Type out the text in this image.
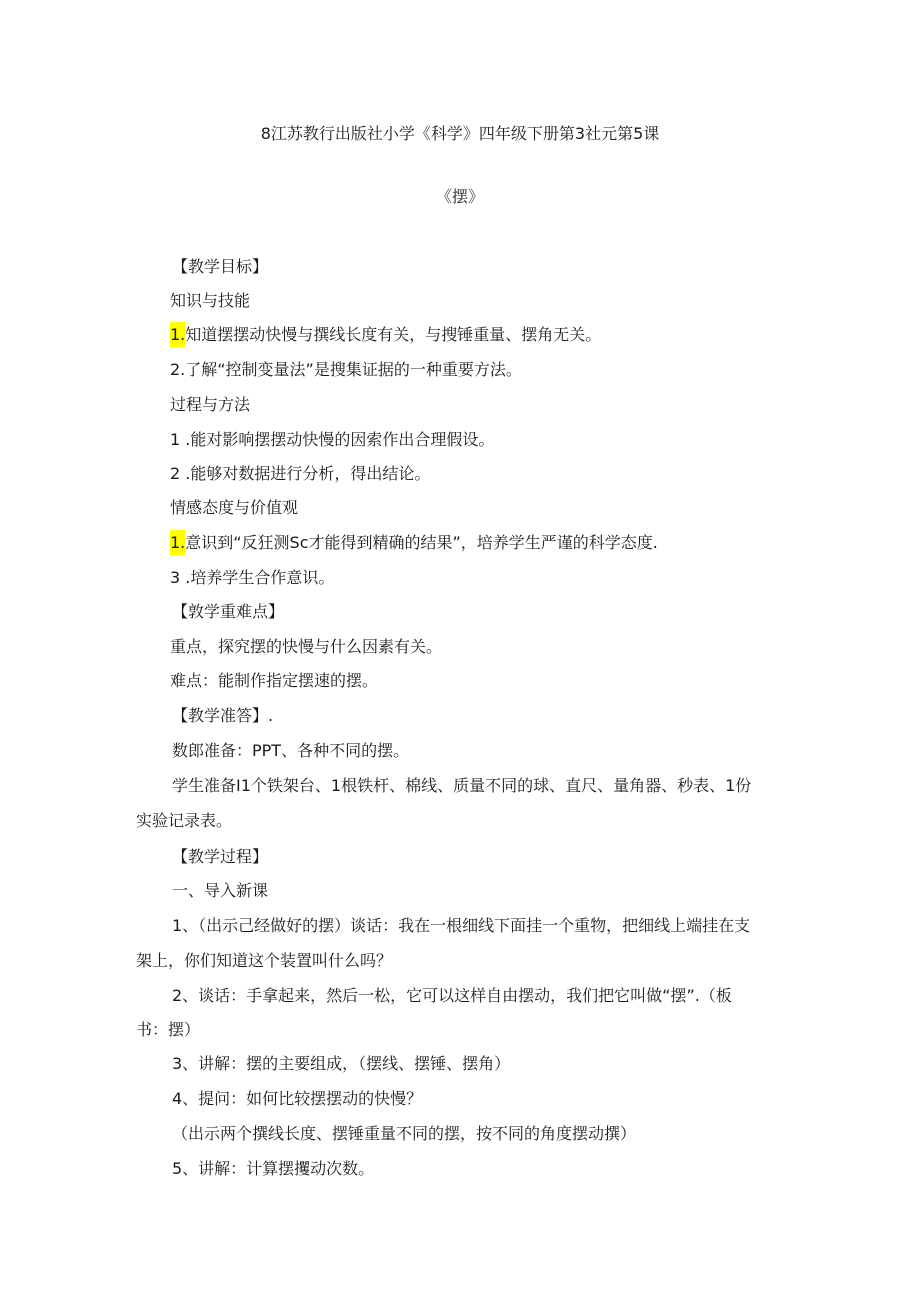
8江苏教行出版社小学《科学》四年级下册第3社元第5课
《摆》
【教学目标】
知识与技能
1.知道摆摆动快慢与撰线长度有关，与搜锤重量、摆角无关。
2.了解“控制变量法”是搜集证据的一种重要方法。
过程与方法
1 .能对影响摆摆动快慢的因索作出合理假设。
2 .能够对数据进行分析，得出结论。
情感态度与价值观
1.意识到“反狂测Sc才能得到精确的结果”，培养学生严谨的科学态度.
3 .培养学生合作意识。
【敦学重难点】
重点，探究摆的快慢与什么因素有关。
难点：能制作指定摆速的摆。
【教学准答】.
数郎准备：PPT、各种不同的摆。
学生准备I1个铁架台、1根铁杆、棉线、质量不同的球、直尺、量角器、秒表、1份
实验记录表。
【教学过程】
一、导入新课
1、（出示己经做好的摆）谈话：我在一根细线下面挂一个重物，把细线上端挂在支
架上，你们知道这个装置叫什么吗？
2、谈话：手拿起来，然后一松，它可以这样自由摆动，我们把它叫做“摆”.（板
书：摆）
3、讲解：摆的主要组成，（摆线、摆锤、摆角）
4、提问：如何比较摆摆动的快慢？
（出示两个撰线长度、摆锤重量不同的摆，按不同的角度摆动撰）
5、讲解：计算摆攫动次数。
